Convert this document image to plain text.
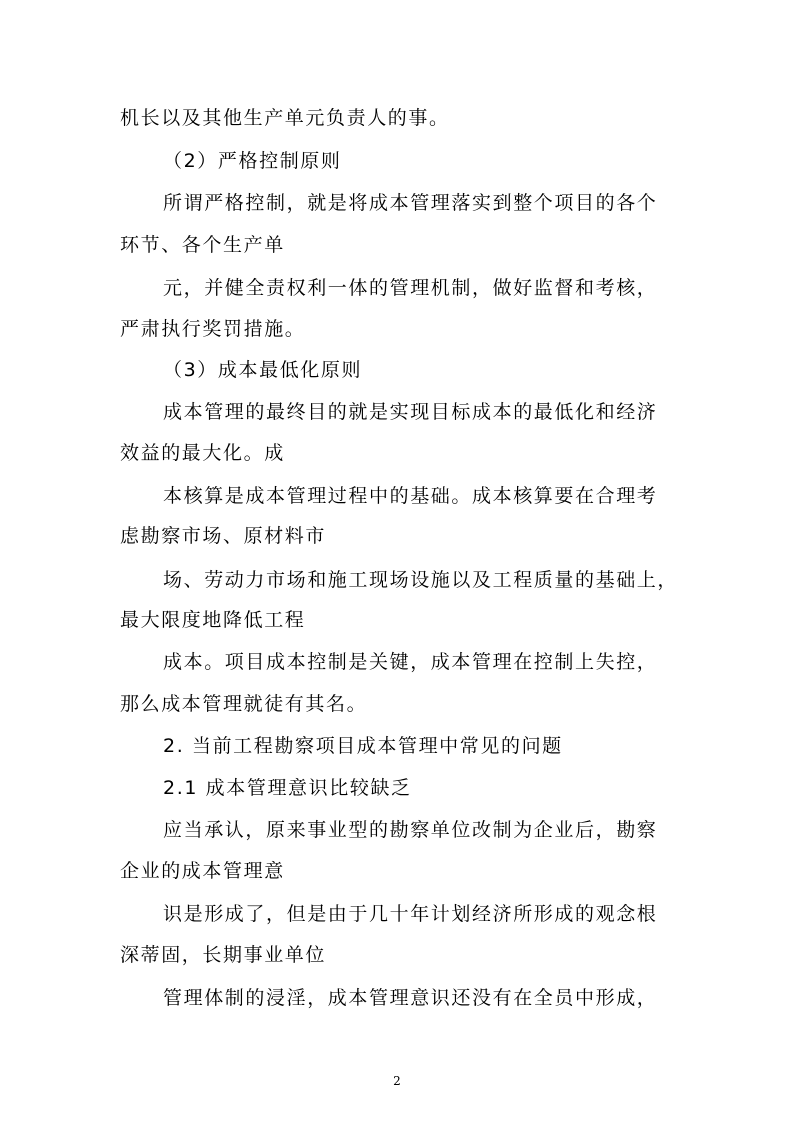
机长以及其他生产单元负责人的事。
（2）严格控制原则
所谓严格控制，就是将成本管理落实到整个项目的各个
环节、各个生产单
元，并健全责权利一体的管理机制，做好监督和考核，
严肃执行奖罚措施。
（3）成本最低化原则
成本管理的最终目的就是实现目标成本的最低化和经济
效益的最大化。成
本核算是成本管理过程中的基础。成本核算要在合理考
虑勘察市场、原材料市
场、劳动力市场和施工现场设施以及工程质量的基础上，
最大限度地降低工程
成本。项目成本控制是关键，成本管理在控制上失控，
那么成本管理就徒有其名。
2. 当前工程勘察项目成本管理中常见的问题
2.1 成本管理意识比较缺乏
应当承认，原来事业型的勘察单位改制为企业后，勘察
企业的成本管理意
识是形成了，但是由于几十年计划经济所形成的观念根
深蒂固，长期事业单位
管理体制的浸淫，成本管理意识还没有在全员中形成，
2
